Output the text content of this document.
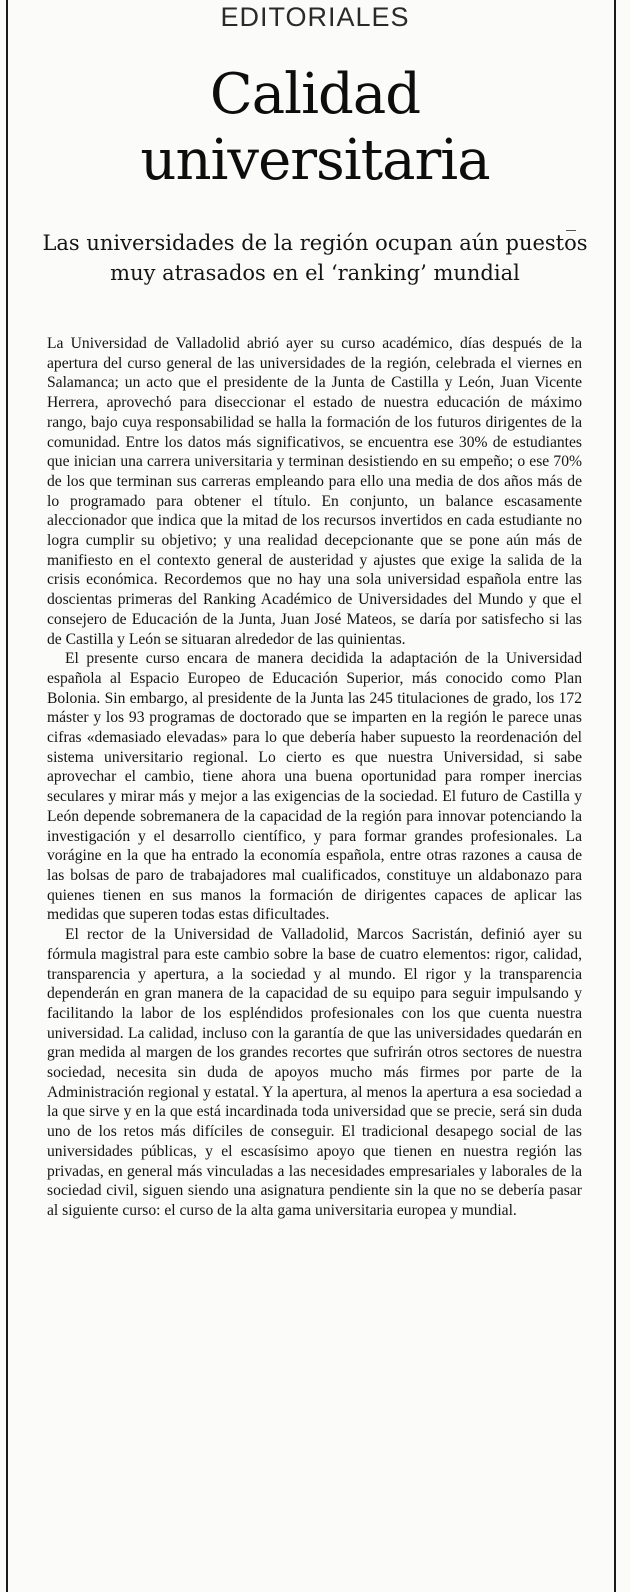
EDITORIALES
Calidad universitaria
Las universidades de la región ocupan aún puestos muy atrasados en el ‘ranking’ mundial

La Universidad de Valladolid abrió ayer su curso académico, días después de la apertura del curso general de las universidades de la región, celebrada el viernes en Salamanca; un acto que el presidente de la Junta de Castilla y León, Juan Vicente Herrera, aprovechó para diseccionar el estado de nuestra educación de máximo rango, bajo cuya responsabilidad se halla la formación de los futuros dirigentes de la comunidad. Entre los datos más significativos, se encuentra ese 30% de estudiantes que inician una carrera universitaria y terminan desistiendo en su empeño; o ese 70% de los que terminan sus carreras empleando para ello una media de dos años más de lo programado para obtener el título. En conjunto, un balance escasamente aleccionador que indica que la mitad de los recursos invertidos en cada estudiante no logra cumplir su objetivo; y una realidad decepcionante que se pone aún más de manifiesto en el contexto general de austeridad y ajustes que exige la salida de la crisis económica. Recordemos que no hay una sola universidad española entre las doscientas primeras del Ranking Académico de Universidades del Mundo y que el consejero de Educación de la Junta, Juan José Mateos, se daría por satisfecho si las de Castilla y León se situaran alrededor de las quinientas.

El presente curso encara de manera decidida la adaptación de la Universidad española al Espacio Europeo de Educación Superior, más conocido como Plan Bolonia. Sin embargo, al presidente de la Junta las 245 titulaciones de grado, los 172 máster y los 93 programas de doctorado que se imparten en la región le parece unas cifras «demasiado elevadas» para lo que debería haber supuesto la reordenación del sistema universitario regional. Lo cierto es que nuestra Universidad, si sabe aprovechar el cambio, tiene ahora una buena oportunidad para romper inercias seculares y mirar más y mejor a las exigencias de la sociedad. El futuro de Castilla y León depende sobremanera de la capacidad de la región para innovar potenciando la investigación y el desarrollo científico, y para formar grandes profesionales. La vorágine en la que ha entrado la economía española, entre otras razones a causa de las bolsas de paro de trabajadores mal cualificados, constituye un aldabonazo para quienes tienen en sus manos la formación de dirigentes capaces de aplicar las medidas que superen todas estas dificultades.

El rector de la Universidad de Valladolid, Marcos Sacristán, definió ayer su fórmula magistral para este cambio sobre la base de cuatro elementos: rigor, calidad, transparencia y apertura, a la sociedad y al mundo. El rigor y la transparencia dependerán en gran manera de la capacidad de su equipo para seguir impulsando y facilitando la labor de los espléndidos profesionales con los que cuenta nuestra universidad. La calidad, incluso con la garantía de que las universidades quedarán en gran medida al margen de los grandes recortes que sufrirán otros sectores de nuestra sociedad, necesita sin duda de apoyos mucho más firmes por parte de la Administración regional y estatal. Y la apertura, al menos la apertura a esa sociedad a la que sirve y en la que está incardinada toda universidad que se precie, será sin duda uno de los retos más difíciles de conseguir. El tradicional desapego social de las universidades públicas, y el escasísimo apoyo que tienen en nuestra región las privadas, en general más vinculadas a las necesidades empresariales y laborales de la sociedad civil, siguen siendo una asignatura pendiente sin la que no se debería pasar al siguiente curso: el curso de la alta gama universitaria europea y mundial.
